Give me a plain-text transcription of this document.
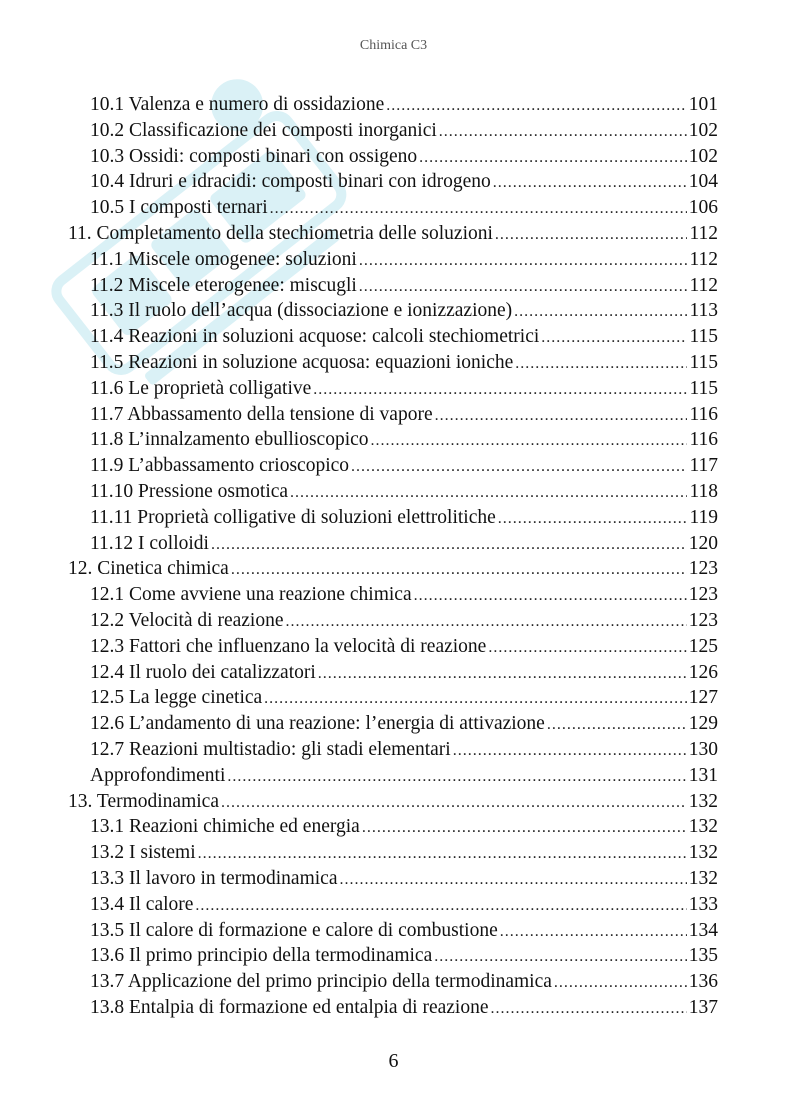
Chimica C3
10.1 Valenza e numero di ossidazione .....	101
10.2 Classificazione dei composti inorganici .....	102
10.3 Ossidi: composti binari con ossigeno .....	102
10.4 Idruri e idracidi: composti binari con idrogeno .....	104
10.5 I composti ternari .....	106
11. Completamento della stechiometria delle soluzioni .....	112
11.1 Miscele omogenee: soluzioni .....	112
11.2 Miscele eterogenee: miscugli .....	112
11.3 Il ruolo dell’acqua (dissociazione e ionizzazione) .....	113
11.4 Reazioni in soluzioni acquose: calcoli stechiometrici .....	115
11.5 Reazioni in soluzione acquosa: equazioni ioniche .....	115
11.6 Le proprietà colligative .....	115
11.7 Abbassamento della tensione di vapore .....	116
11.8 L’innalzamento ebullioscopico .....	116
11.9 L’abbassamento crioscopico .....	117
11.10 Pressione osmotica .....	118
11.11 Proprietà colligative di soluzioni elettrolitiche .....	119
11.12 I colloidi .....	120
12. Cinetica chimica .....	123
12.1 Come avviene una reazione chimica .....	123
12.2 Velocità di reazione .....	123
12.3 Fattori che influenzano la velocità di reazione .....	125
12.4 Il ruolo dei catalizzatori .....	126
12.5 La legge cinetica .....	127
12.6 L’andamento di una reazione: l’energia di attivazione .....	129
12.7 Reazioni multistadio: gli stadi elementari .....	130
Approfondimenti .....	131
13. Termodinamica .....	132
13.1 Reazioni chimiche ed energia .....	132
13.2 I sistemi .....	132
13.3 Il lavoro in termodinamica .....	132
13.4 Il calore .....	133
13.5 Il calore di formazione e calore di combustione .....	134
13.6 Il primo principio della termodinamica .....	135
13.7 Applicazione del primo principio della termodinamica .....	136
13.8 Entalpia di formazione ed entalpia di reazione .....	137
6
